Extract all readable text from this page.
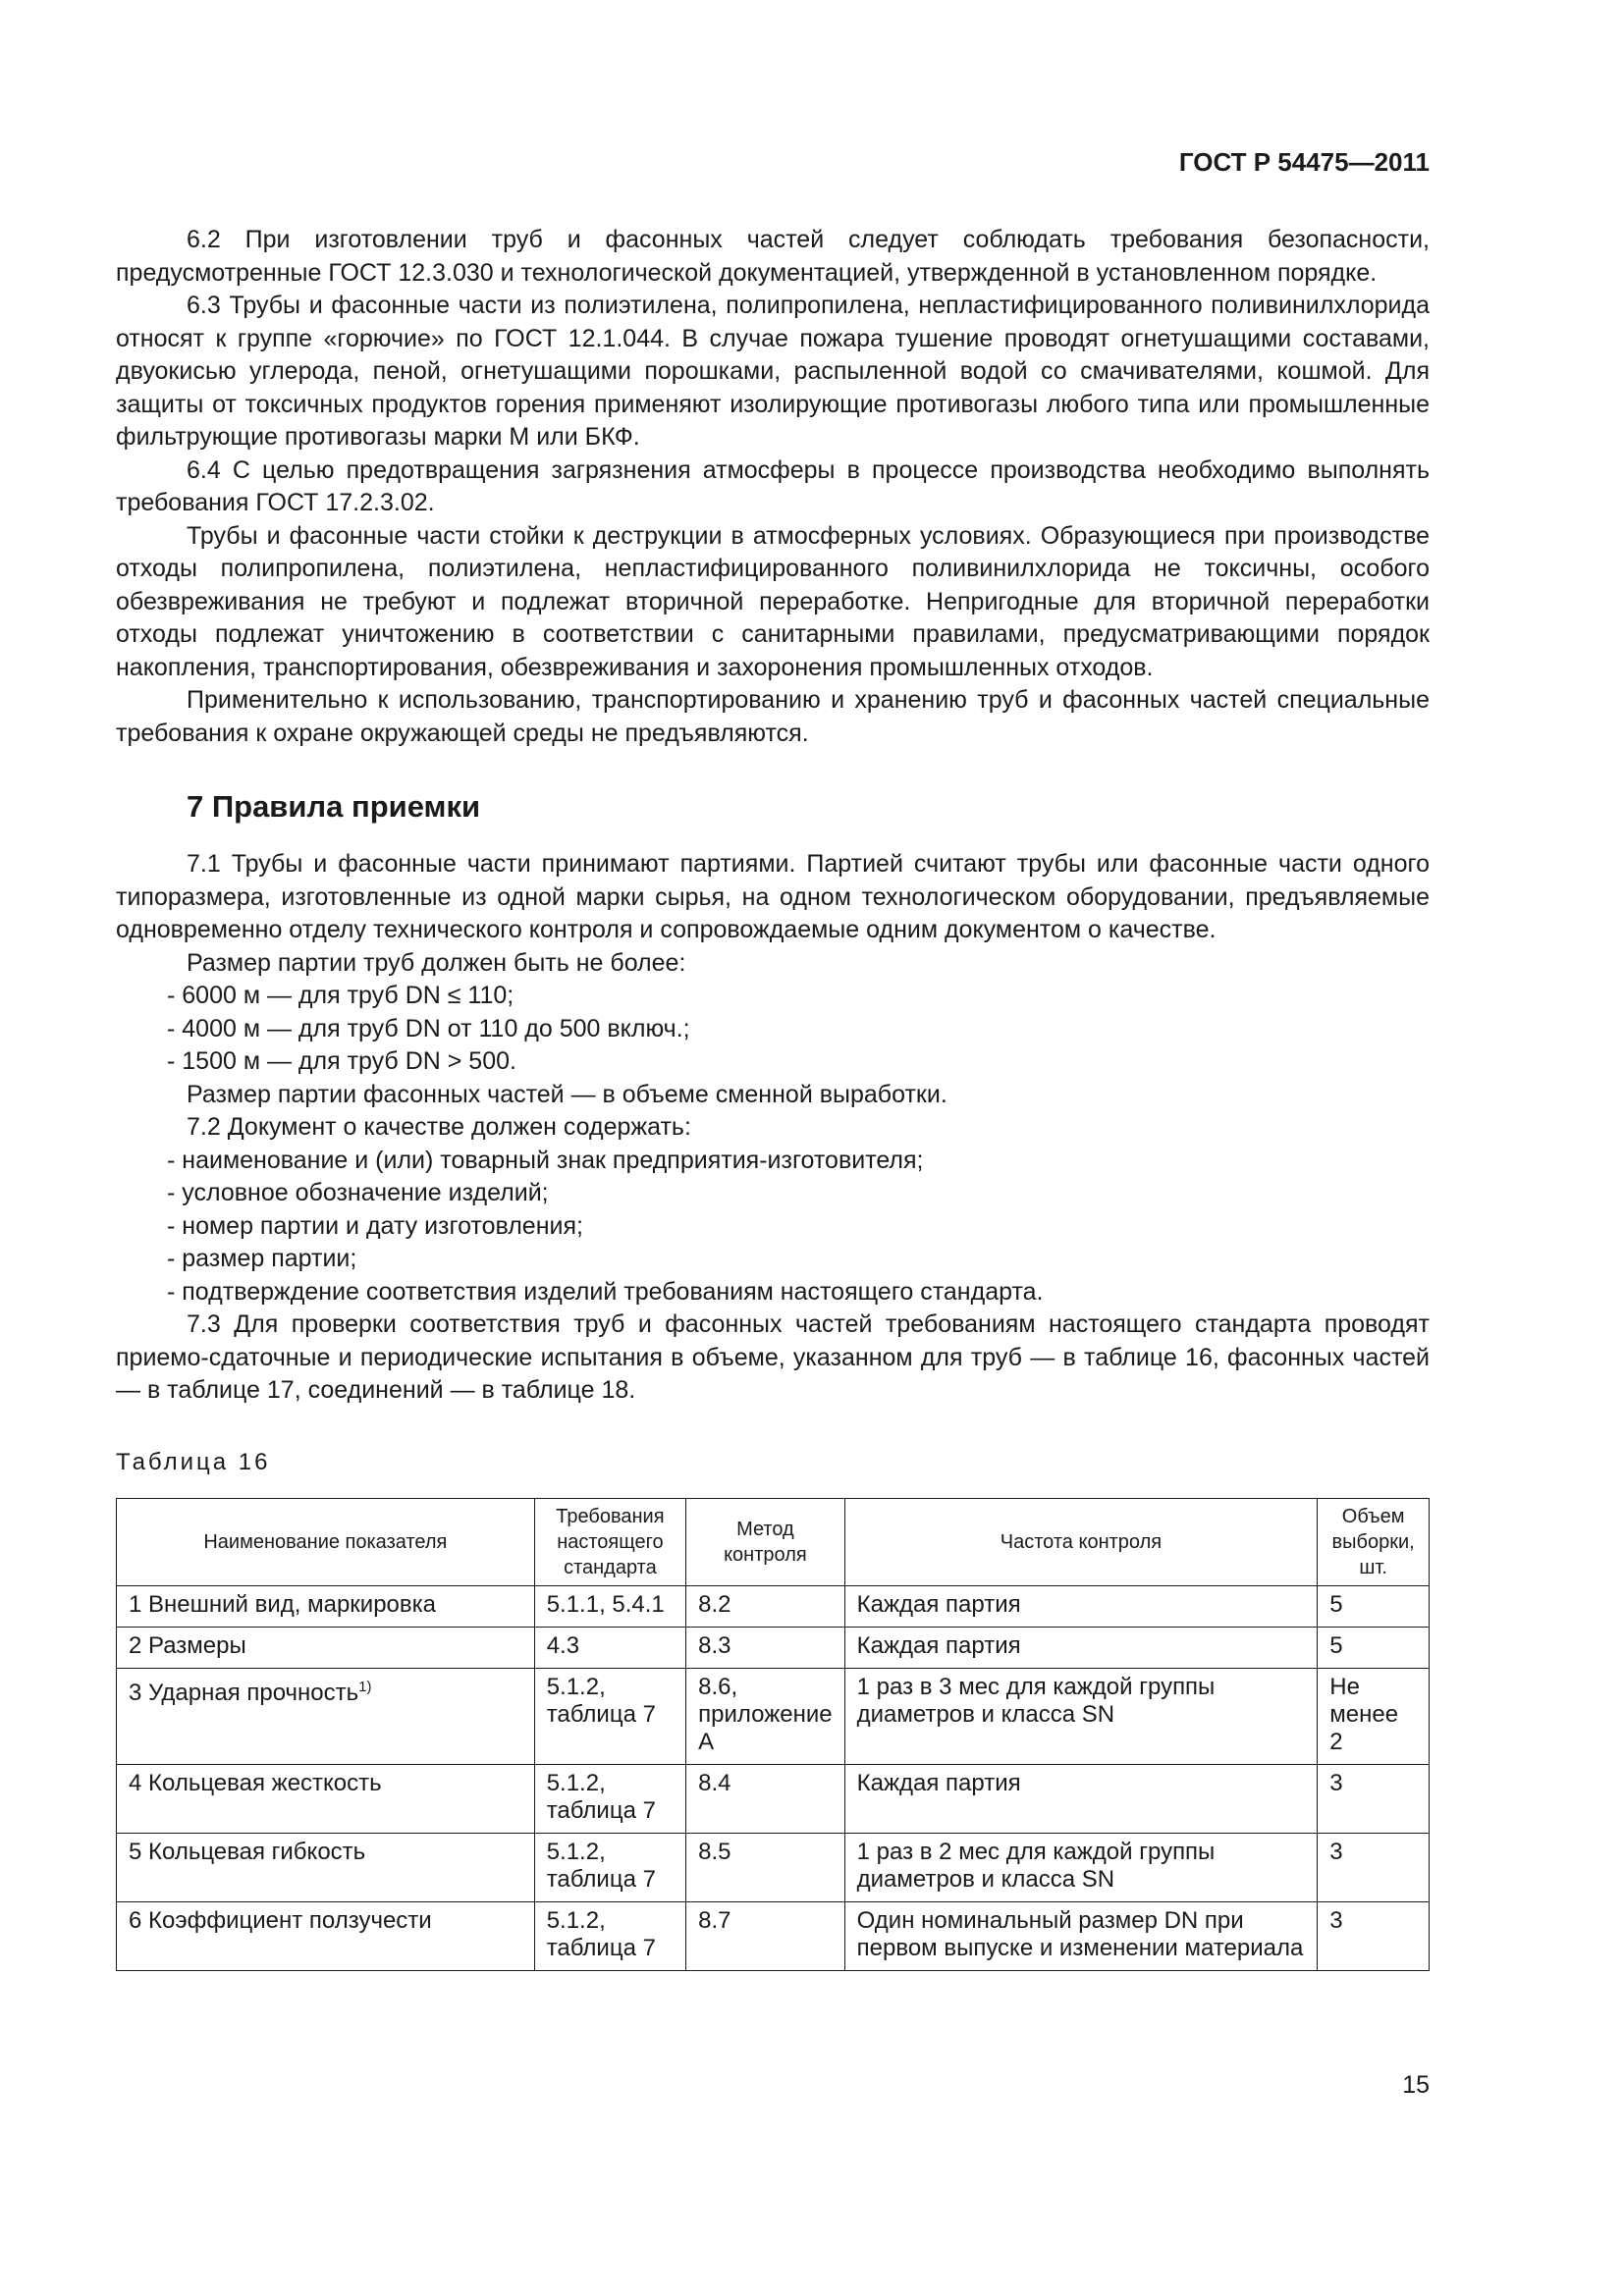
ГОСТ Р 54475—2011

6.2 При изготовлении труб и фасонных частей следует соблюдать требования безопасности, предусмотренные ГОСТ 12.3.030 и технологической документацией, утвержденной в установленном порядке.

6.3 Трубы и фасонные части из полиэтилена, полипропилена, непластифицированного поливинилхлорида относят к группе «горючие» по ГОСТ 12.1.044. В случае пожара тушение проводят огнетушащими составами, двуокисью углерода, пеной, огнетушащими порошками, распыленной водой со смачивателями, кошмой. Для защиты от токсичных продуктов горения применяют изолирующие противогазы любого типа или промышленные фильтрующие противогазы марки М или БКФ.

6.4 С целью предотвращения загрязнения атмосферы в процессе производства необходимо выполнять требования ГОСТ 17.2.3.02.

Трубы и фасонные части стойки к деструкции в атмосферных условиях. Образующиеся при производстве отходы полипропилена, полиэтилена, непластифицированного поливинилхлорида не токсичны, особого обезвреживания не требуют и подлежат вторичной переработке. Непригодные для вторичной переработки отходы подлежат уничтожению в соответствии с санитарными правилами, предусматривающими порядок накопления, транспортирования, обезвреживания и захоронения промышленных отходов.

Применительно к использованию, транспортированию и хранению труб и фасонных частей специальные требования к охране окружающей среды не предъявляются.

7 Правила приемки

7.1 Трубы и фасонные части принимают партиями. Партией считают трубы или фасонные части одного типоразмера, изготовленные из одной марки сырья, на одном технологическом оборудовании, предъявляемые одновременно отделу технического контроля и сопровождаемые одним документом о качестве.

Размер партии труб должен быть не более:

- 6000 м — для труб DN ≤ 110;

- 4000 м — для труб DN от 110 до 500 включ.;

- 1500 м — для труб DN > 500.

Размер партии фасонных частей — в объеме сменной выработки.

7.2 Документ о качестве должен содержать:

- наименование и (или) товарный знак предприятия-изготовителя;

- условное обозначение изделий;

- номер партии и дату изготовления;

- размер партии;

- подтверждение соответствия изделий требованиям настоящего стандарта.

7.3 Для проверки соответствия труб и фасонных частей требованиям настоящего стандарта проводят приемо-сдаточные и периодические испытания в объеме, указанном для труб — в таблице 16, фасонных частей — в таблице 17, соединений — в таблице 18.

Таблица 16
Наименование показателя	Требования настоящего стандарта	Метод контроля	Частота контроля	Объем выборки, шт.
1 Внешний вид, маркировка	5.1.1, 5.4.1	8.2	Каждая партия	5
2 Размеры	4.3	8.3	Каждая партия	5
3 Ударная прочность$^{1)}$	5.1.2, таблица 7	8.6, приложение А	1 раз в 3 мес для каждой группы диаметров и класса SN	Не менее 2
4 Кольцевая жесткость	5.1.2, таблица 7	8.4	Каждая партия	3
5 Кольцевая гибкость	5.1.2, таблица 7	8.5	1 раз в 2 мес для каждой группы диаметров и класса SN	3
6 Коэффициент ползучести	5.1.2, таблица 7	8.7	Один номинальный размер DN при первом выпуске и изменении материала	3
15
